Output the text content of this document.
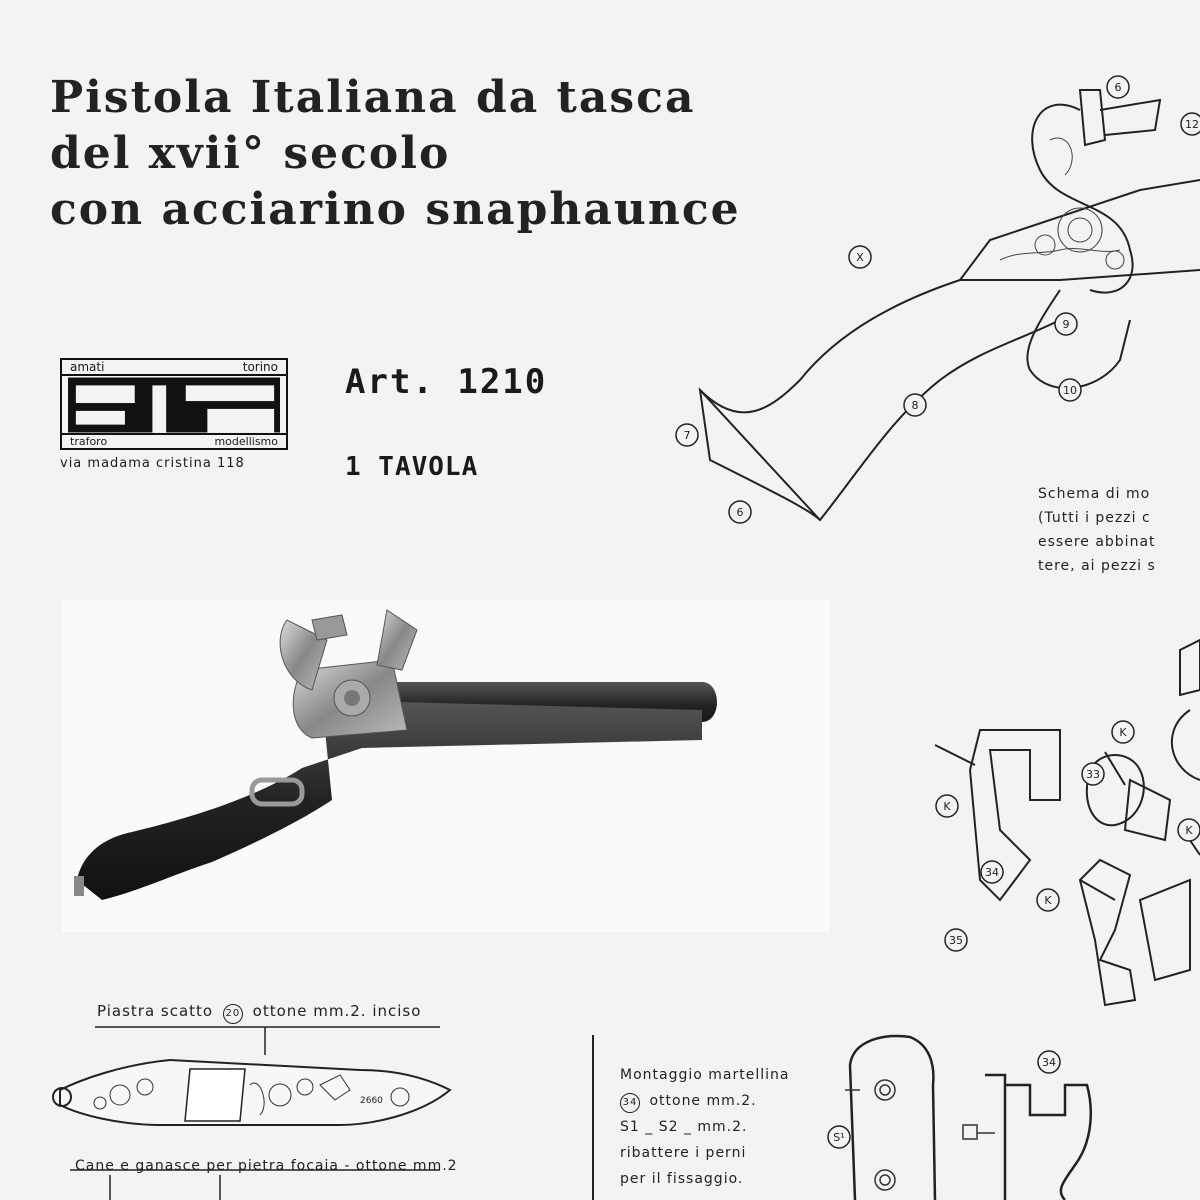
Pistola Italiana da tasca
del xvii° secolo
con acciarino snaphaunce
amati	torino
traforo	modellismo
via madama cristina 118
Art. 1210
1 TAVOLA
6
12
X
9
10
8
7
6
Schema di mo
(Tutti i pezzi c
essere abbinat
tere, ai pezzi s
K
33
K
K
34
K
35
Piastra scatto 20 ottone mm.2. inciso
2660
Cane e ganasce per pietra focaia - ottone mm.2
Montaggio martellina
34 ottone mm.2.
S1 _ S2 _ mm.2.
ribattere i perni
per il fissaggio.
S¹
34
